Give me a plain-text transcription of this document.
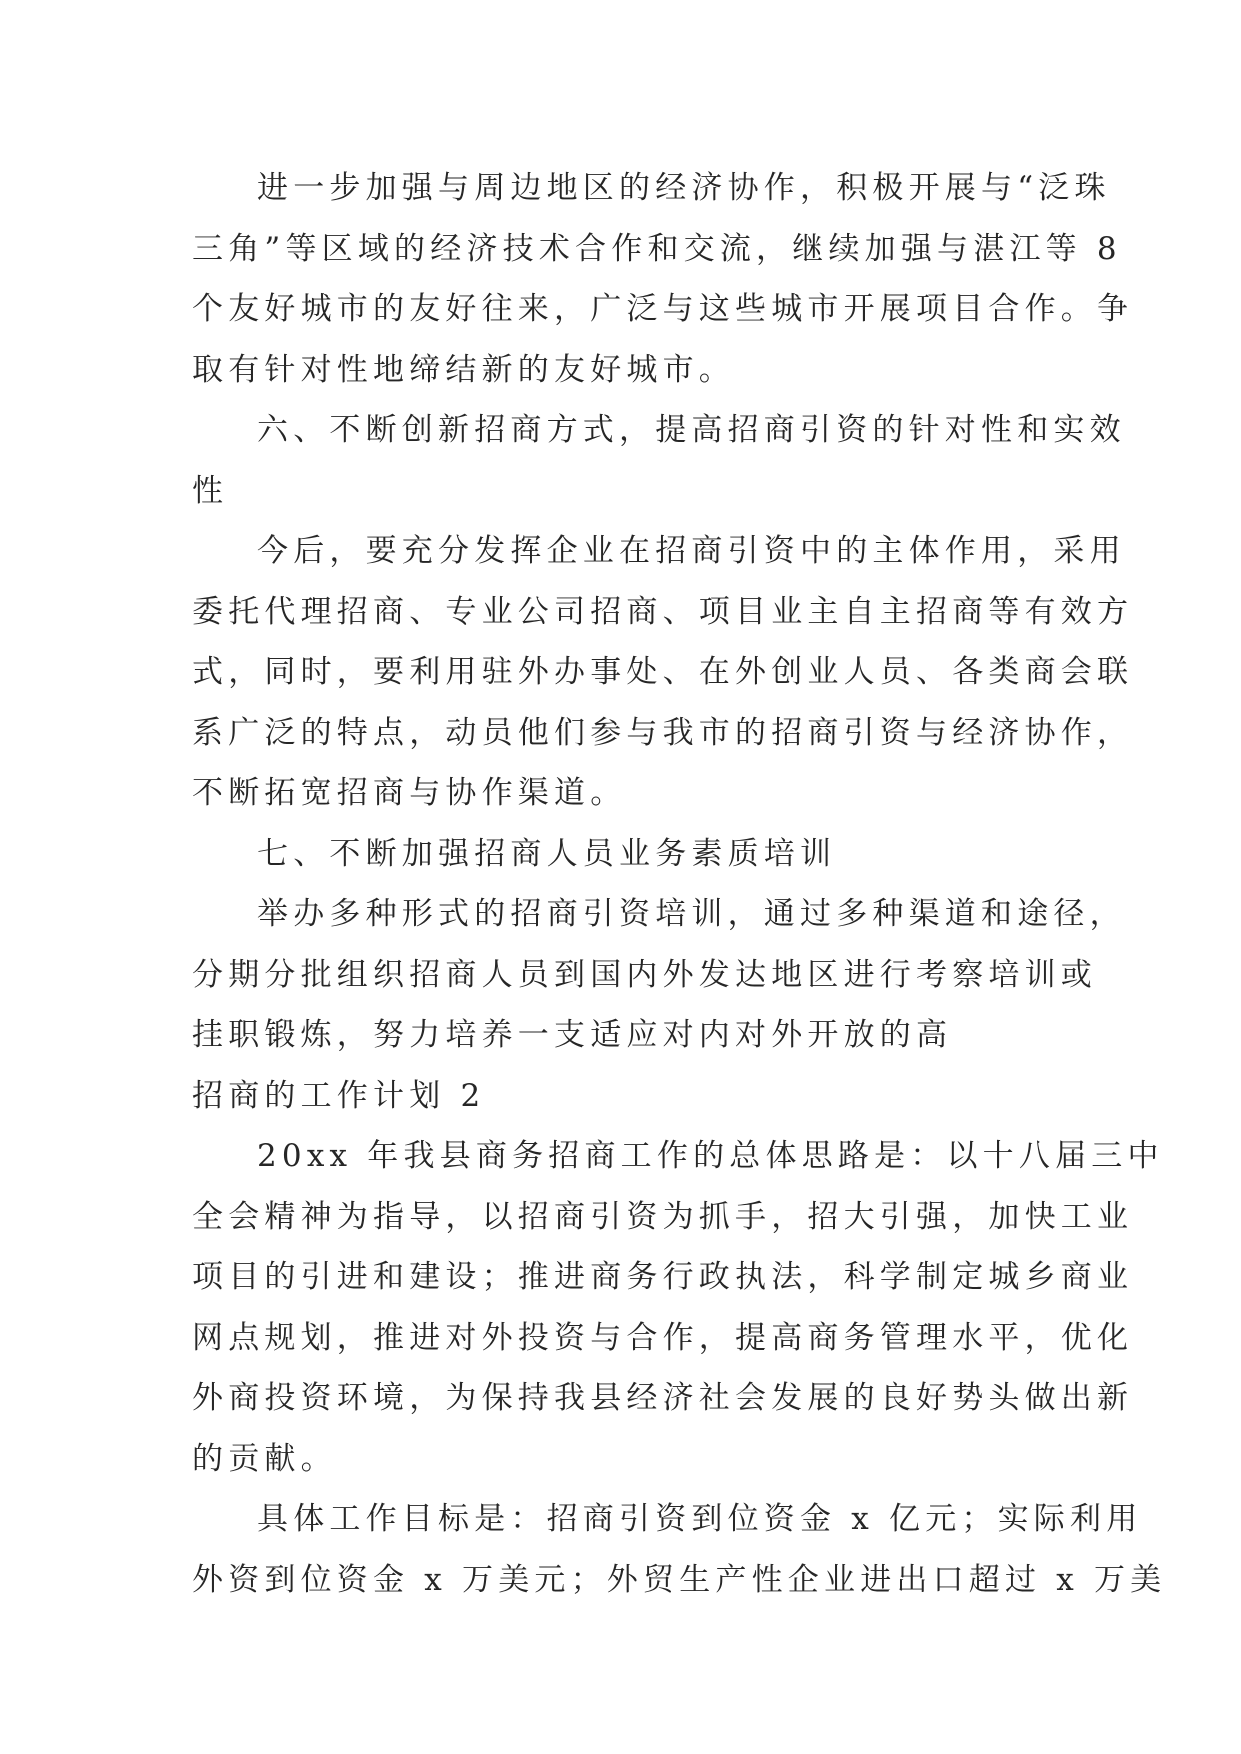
进一步加强与周边地区的经济协作，积极开展与“泛珠
三角”等区域的经济技术合作和交流，继续加强与湛江等 8
个友好城市的友好往来，广泛与这些城市开展项目合作。争
取有针对性地缔结新的友好城市。
六、不断创新招商方式，提高招商引资的针对性和实效
性
今后，要充分发挥企业在招商引资中的主体作用，采用
委托代理招商、专业公司招商、项目业主自主招商等有效方
式，同时，要利用驻外办事处、在外创业人员、各类商会联
系广泛的特点，动员他们参与我市的招商引资与经济协作，
不断拓宽招商与协作渠道。
七、不断加强招商人员业务素质培训
举办多种形式的招商引资培训，通过多种渠道和途径，
分期分批组织招商人员到国内外发达地区进行考察培训或
挂职锻炼，努力培养一支适应对内对外开放的高
招商的工作计划 2
20xx 年我县商务招商工作的总体思路是：以十八届三中
全会精神为指导，以招商引资为抓手，招大引强，加快工业
项目的引进和建设；推进商务行政执法，科学制定城乡商业
网点规划，推进对外投资与合作，提高商务管理水平，优化
外商投资环境，为保持我县经济社会发展的良好势头做出新
的贡献。
具体工作目标是：招商引资到位资金 x 亿元；实际利用
外资到位资金 x 万美元；外贸生产性企业进出口超过 x 万美
